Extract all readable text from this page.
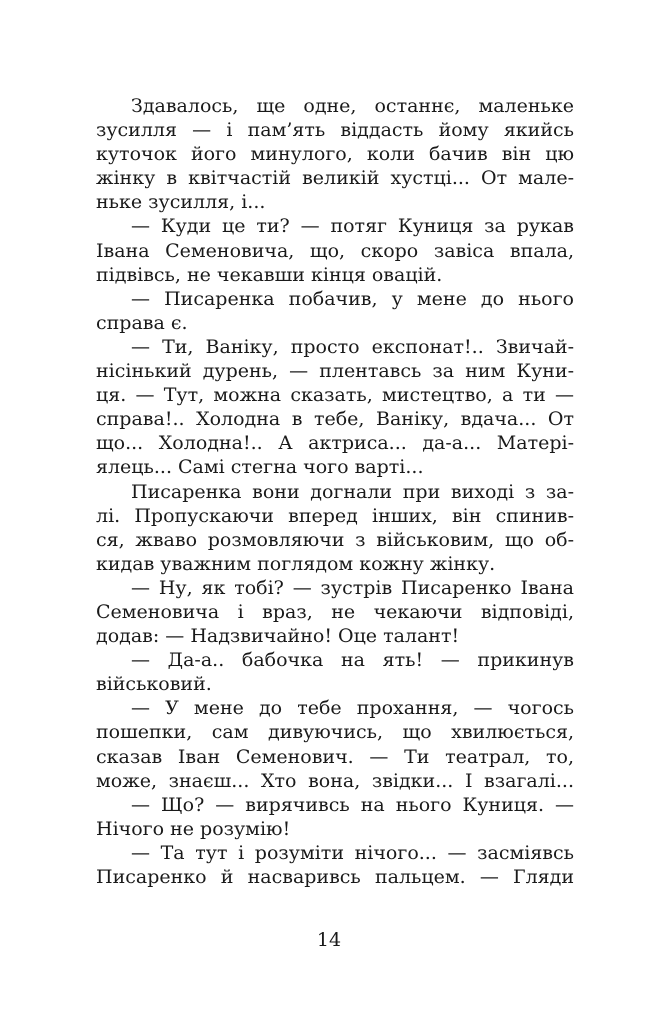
Здавалось, ще одне, останнє, маленьке
зусилля — і пам’ять віддасть йому якийсь
куточок його минулого, коли бачив він цю
жінку в квітчастій великій хустці... От мале-
ньке зусилля, і...
— Куди це ти? — потяг Куниця за рукав
Івана Семеновича, що, скоро завіса впала,
підвівсь, не чекавши кінця овацій.
— Писаренка побачив, у мене до нього
справа є.
— Ти, Ваніку, просто експонат!.. Звичай-
нісінький дурень, — плентавсь за ним Куни-
ця. — Тут, можна сказать, мистецтво, а ти —
справа!.. Холодна в тебе, Ваніку, вдача... От
що... Холодна!.. А актриса... да-а... Матері-
ялець... Самі стегна чого варті...
Писаренка вони догнали при виході з за-
лі. Пропускаючи вперед інших, він спинив-
ся, жваво розмовляючи з військовим, що об-
кидав уважним поглядом кожну жінку.
— Ну, як тобі? — зустрів Писаренко Івана
Семеновича і враз, не чекаючи відповіді,
додав: — Надзвичайно! Оце талант!
— Да-а.. бабочка на ять! — прикинув
військовий.
— У мене до тебе прохання, — чогось
пошепки, сам дивуючись, що хвилюється,
сказав Іван Семенович. — Ти театрал, то,
може, знаєш... Хто вона, звідки... І взагалі...
— Що? — вирячивсь на нього Куниця. —
Нічого не розумію!
— Та тут і розуміти нічого... — засміявсь
Писаренко й насваривсь пальцем. — Гляди
14
